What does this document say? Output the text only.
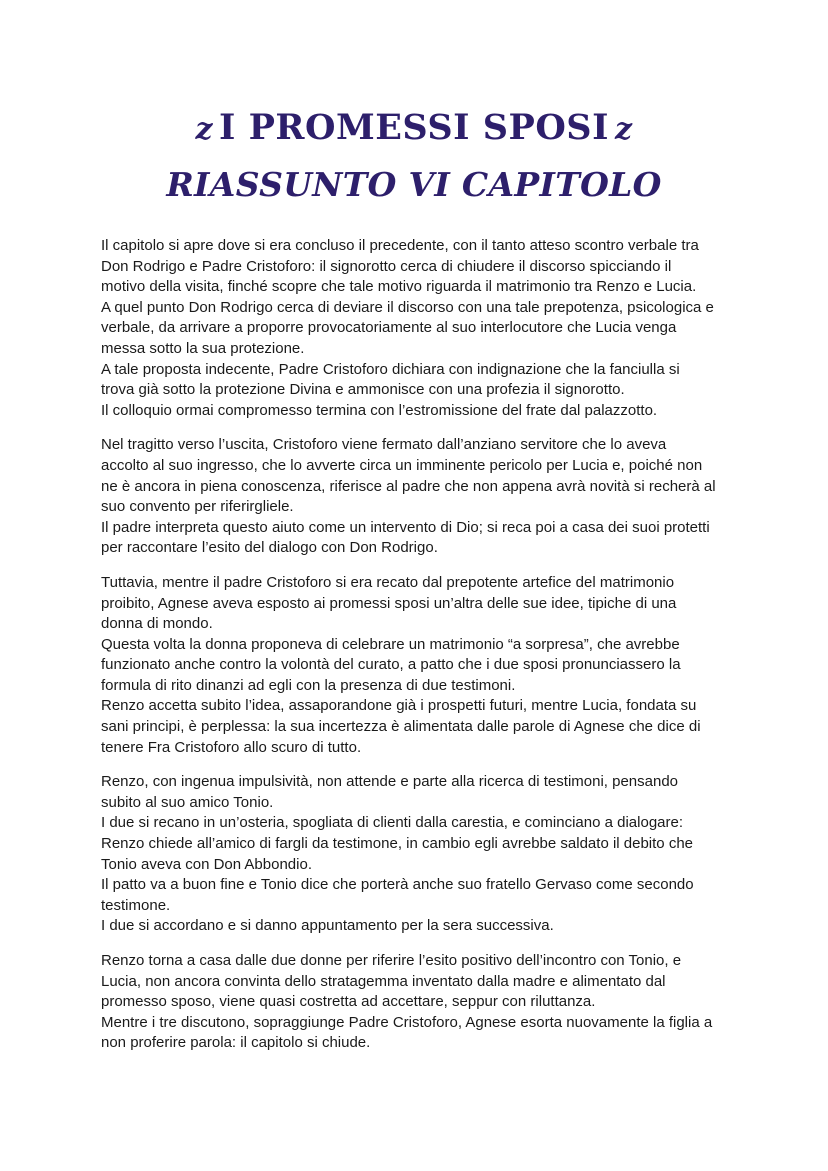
z I PROMESSI SPOSI z
RIASSUNTO VI CAPITOLO
Il capitolo si apre dove si era concluso il precedente, con il tanto atteso scontro verbale tra
Don Rodrigo e Padre Cristoforo: il signorotto cerca di chiudere il discorso spicciando il
motivo della visita, finché scopre che tale motivo riguarda il matrimonio tra Renzo e Lucia.
A quel punto Don Rodrigo cerca di deviare il discorso con una tale prepotenza, psicologica e
verbale, da arrivare a proporre provocatoriamente al suo interlocutore che Lucia venga
messa sotto la sua protezione.
A tale proposta indecente, Padre Cristoforo dichiara con indignazione che la fanciulla si
trova già sotto la protezione Divina e ammonisce con una profezia il signorotto.
Il colloquio ormai compromesso termina con l’estromissione del frate dal palazzotto.
Nel tragitto verso l’uscita, Cristoforo viene fermato dall’anziano servitore che lo aveva
accolto al suo ingresso, che lo avverte circa un imminente pericolo per Lucia e, poiché non
ne è ancora in piena conoscenza, riferisce al padre che non appena avrà novità si recherà al
suo convento per riferirgliele.
Il padre interpreta questo aiuto come un intervento di Dio; si reca poi a casa dei suoi protetti
per raccontare l’esito del dialogo con Don Rodrigo.
Tuttavia, mentre il padre Cristoforo si era recato dal prepotente artefice del matrimonio
proibito, Agnese aveva esposto ai promessi sposi un’altra delle sue idee, tipiche di una
donna di mondo.
Questa volta la donna proponeva di celebrare un matrimonio “a sorpresa”, che avrebbe
funzionato anche contro la volontà del curato, a patto che i due sposi pronunciassero la
formula di rito dinanzi ad egli con la presenza di due testimoni.
Renzo accetta subito l’idea, assaporandone già i prospetti futuri, mentre Lucia, fondata su
sani principi, è perplessa: la sua incertezza è alimentata dalle parole di Agnese che dice di
tenere Fra Cristoforo allo scuro di tutto.
Renzo, con ingenua impulsività, non attende e parte alla ricerca di testimoni, pensando
subito al suo amico Tonio.
I due si recano in un’osteria, spogliata di clienti dalla carestia, e cominciano a dialogare:
Renzo chiede all’amico di fargli da testimone, in cambio egli avrebbe saldato il debito che
Tonio aveva con Don Abbondio.
Il patto va a buon fine e Tonio dice che porterà anche suo fratello Gervaso come secondo
testimone.
I due si accordano e si danno appuntamento per la sera successiva.
Renzo torna a casa dalle due donne per riferire l’esito positivo dell’incontro con Tonio, e
Lucia, non ancora convinta dello stratagemma inventato dalla madre e alimentato dal
promesso sposo, viene quasi costretta ad accettare, seppur con riluttanza.
Mentre i tre discutono, sopraggiunge Padre Cristoforo, Agnese esorta nuovamente la figlia a
non proferire parola: il capitolo si chiude.
